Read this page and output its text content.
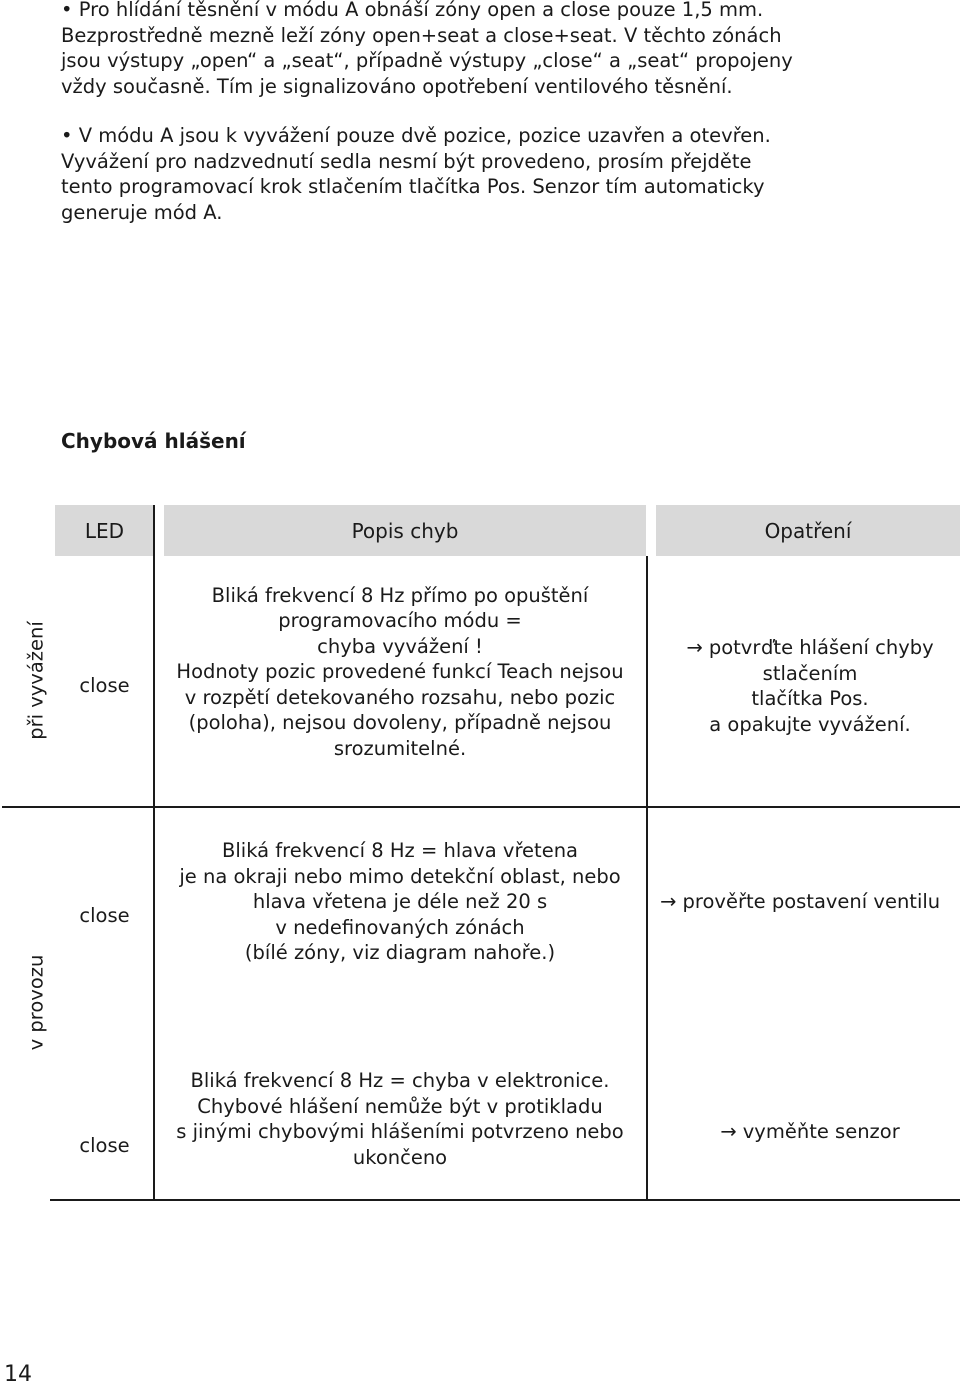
• Pro hlídání těsnění v módu A obnáší zóny open a close pouze 1,5 mm.
Bezprostředně mezně leží zóny open+seat a close+seat. V těchto zónách
jsou výstupy „open“ a „seat“, případně výstupy „close“ a „seat“ propojeny
vždy současně. Tím je signalizováno opotřebení ventilového těsnění.
• V módu A jsou k vyvážení pouze dvě pozice, pozice uzavřen a otevřen.
Vyvážení pro nadzvednutí sedla nesmí být provedeno, prosím přejděte
tento programovací krok stlačením tlačítka Pos. Senzor tím automaticky
generuje mód A.
Chybová hlášení
LED	Popis chyb	Opatření
při vyvážení
v provozu
close
Bliká frekvencí 8 Hz přímo po opuštění
programovacího módu =
chyba vyvážení !
Hodnoty pozic provedené funkcí Teach nejsou
v rozpětí detekovaného rozsahu, nebo pozic
(poloha), nejsou dovoleny, případně nejsou
srozumitelné.
→ potvrďte hlášení chyby
stlačením
tlačítka Pos.
a opakujte vyvážení.
close
Bliká frekvencí 8 Hz = hlava vřetena
je na okraji nebo mimo detekční oblast, nebo
hlava vřetena je déle než 20 s
v nedefinovaných zónách
(bílé zóny, viz diagram nahoře.)
→ prověřte postavení ventilu
close
Bliká frekvencí 8 Hz = chyba v elektronice.
Chybové hlášení nemůže být v protikladu
s jinými chybovými hlášeními potvrzeno nebo
ukončeno
→ vyměňte senzor
14
